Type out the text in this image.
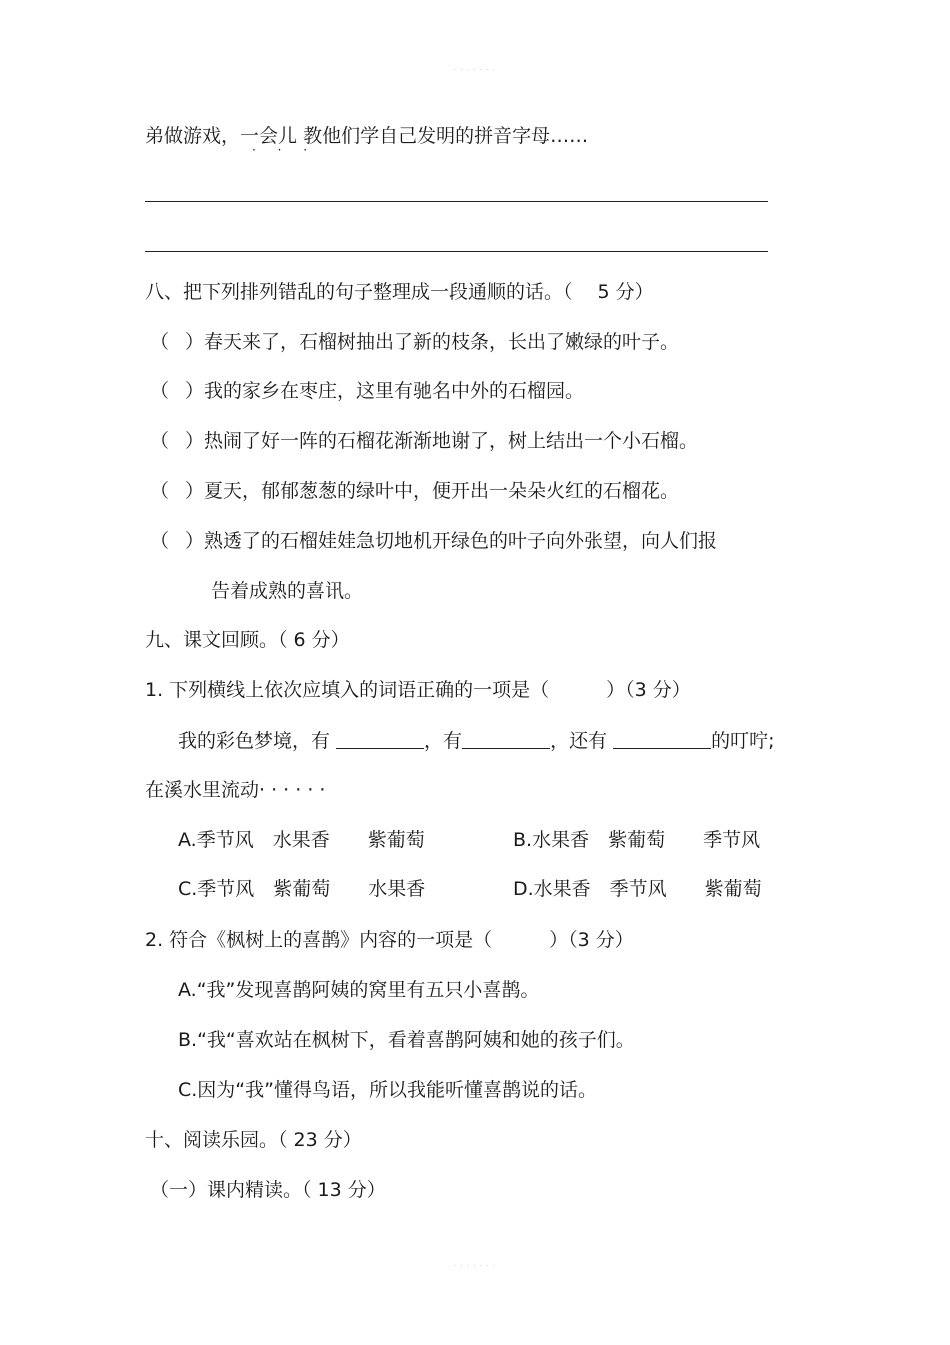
. . . . . . .
弟做游戏，一会儿
· · ·
教他们学自己发明的拼音字母……
八、把下列排列错乱的句子整理成一段通顺的话。（　 5 分）
（ ）春天来了，石榴树抽出了新的枝条，长出了嫩绿的叶子。
（ ）我的家乡在枣庄，这里有驰名中外的石榴园。
（ ）热闹了好一阵的石榴花渐渐地谢了，树上结出一个小石榴。
（ ）夏天，郁郁葱葱的绿叶中，便开出一朵朵火红的石榴花。
（ ）熟透了的石榴娃娃急切地机开绿色的叶子向外张望，向人们报
告着成熟的喜讯。
九、课文回顾。（ 6 分）
1. 下列横线上依次应填入的词语正确的一项是（　　　）（3 分）
我的彩色梦境，有	，有	，还有	的叮咛;
在溪水里流动· · · · · ·
A.季节风　水果香　　紫葡萄	B.水果香　紫葡萄　　季节风
C.季节风　紫葡萄　　水果香	D.水果香　季节风　　紫葡萄
2. 符合《枫树上的喜鹊》内容的一项是（　　　）（3 分）
A.“我”发现喜鹊阿姨的窝里有五只小喜鹊。
B.“我“喜欢站在枫树下，看着喜鹊阿姨和她的孩子们。
C.因为“我”懂得鸟语，所以我能听懂喜鹊说的话。
十、阅读乐园。（ 23 分）
（一）课内精读。（ 13 分）
. . . . . . .
